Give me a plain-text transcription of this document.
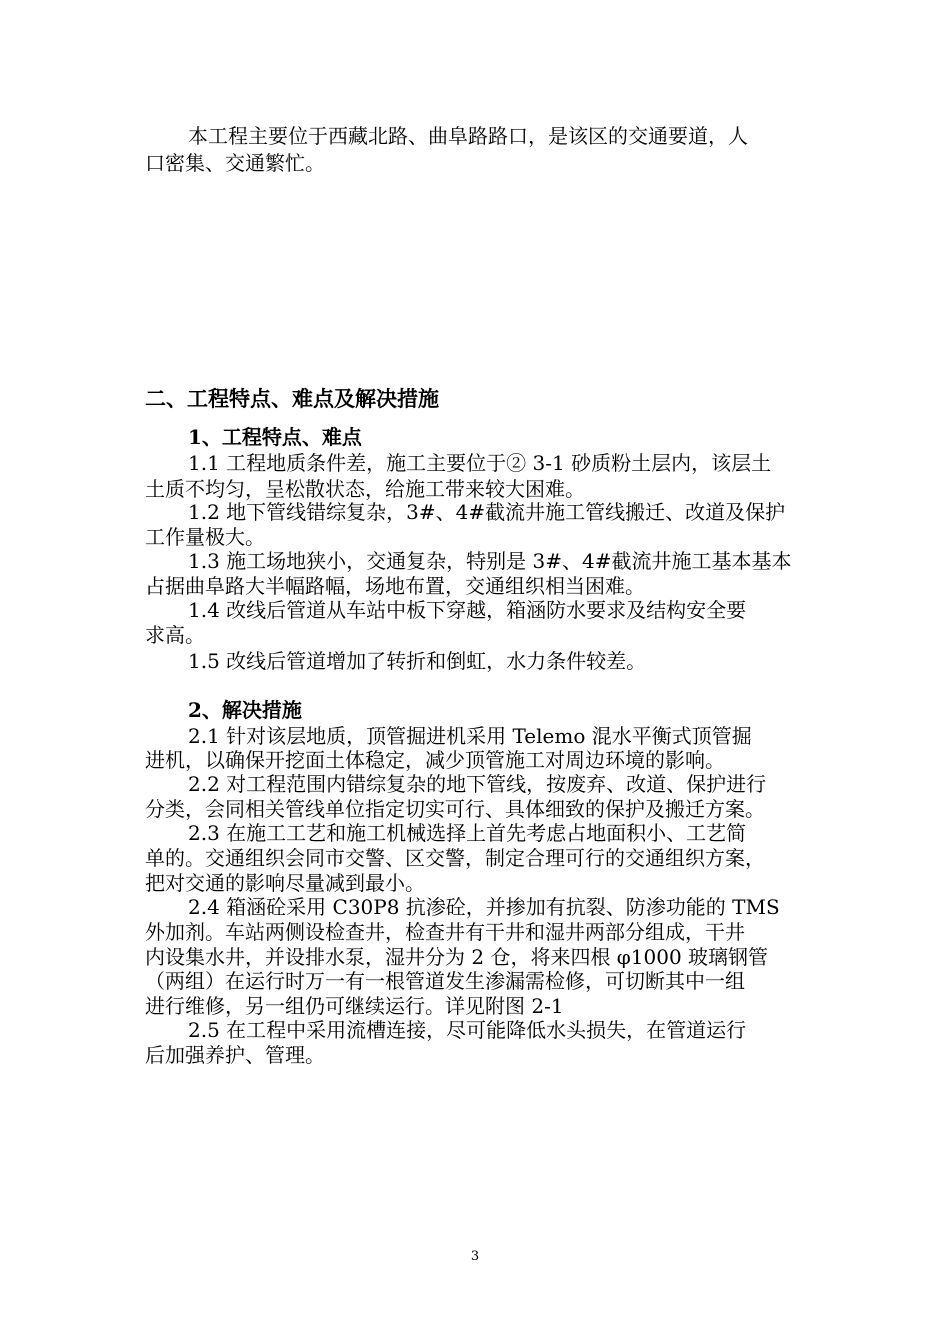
本工程主要位于西藏北路、曲阜路路口，是该区的交通要道，人
口密集、交通繁忙。
二、工程特点、难点及解决措施
1、工程特点、难点
1.1 工程地质条件差，施工主要位于② 3-1 砂质粉土层内，该层土
土质不均匀，呈松散状态，给施工带来较大困难。
1.2 地下管线错综复杂，3#、4#截流井施工管线搬迁、改道及保护
工作量极大。
1.3 施工场地狭小，交通复杂，特别是 3#、4#截流井施工基本基本
占据曲阜路大半幅路幅，场地布置，交通组织相当困难。
1.4 改线后管道从车站中板下穿越，箱涵防水要求及结构安全要
求高。
1.5 改线后管道增加了转折和倒虹，水力条件较差。
2、解决措施
2.1 针对该层地质，顶管掘进机采用 Telemo 混水平衡式顶管掘
进机，以确保开挖面土体稳定，减少顶管施工对周边环境的影响。
2.2 对工程范围内错综复杂的地下管线，按废弃、改道、保护进行
分类，会同相关管线单位指定切实可行、具体细致的保护及搬迁方案。
2.3 在施工工艺和施工机械选择上首先考虑占地面积小、工艺简
单的。交通组织会同市交警、区交警，制定合理可行的交通组织方案，
把对交通的影响尽量减到最小。
2.4 箱涵砼采用 C30P8 抗渗砼，并掺加有抗裂、防渗功能的 TMS
外加剂。车站两侧设检查井，检查井有干井和湿井两部分组成，干井
内设集水井，并设排水泵，湿井分为 2 仓，将来四根 φ1000 玻璃钢管
（两组）在运行时万一有一根管道发生渗漏需检修，可切断其中一组
进行维修，另一组仍可继续运行。详见附图 2-1
2.5 在工程中采用流槽连接，尽可能降低水头损失，在管道运行
后加强养护、管理。
3
